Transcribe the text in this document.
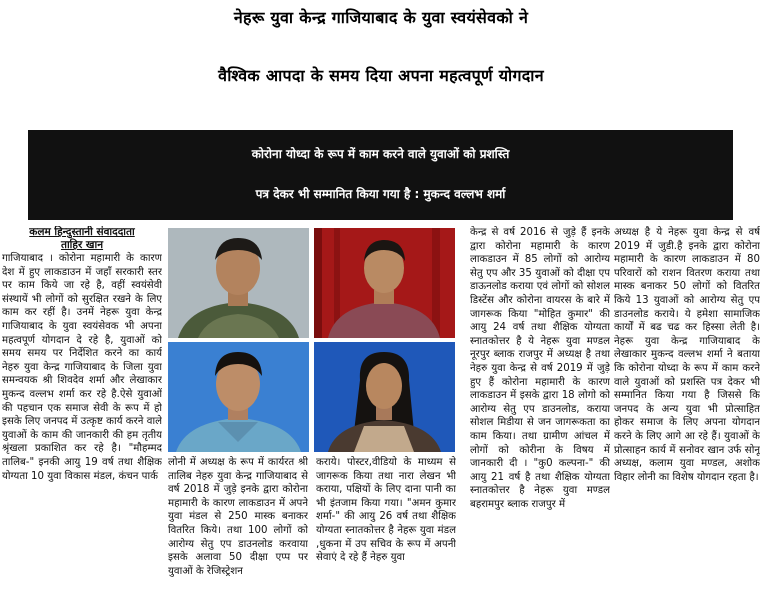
नेहरू युवा केन्द्र गाजियाबाद के युवा स्वयंसेवको ने
वैश्विक आपदा के समय दिया अपना महत्वपूर्ण योगदान
कोरोना योध्दा के रूप में काम करने वाले युवाओं को प्रशस्ति
पत्र देकर भी सम्मानित किया गया है : मुकन्द वल्लभ शर्मा
कलम हिन्दुस्तानी संवाददाता
ताहिर खान

गाजियाबाद । कोरोना महामारी के कारण देश में हुए लाकडाउन में जहाँ सरकारी स्तर पर काम किये जा रहे है, वहीं स्वयंसेवी संस्थायें भी लोगों को सुरक्षित रखने के लिए काम कर रहीं है। उनमें नेहरू युवा केन्द्र गाजियाबाद के युवा स्वयंसेवक भी अपना महत्वपूर्ण योगदान दे रहे है, युवाओं को समय समय पर निर्देशित करने का कार्य नेहरु युवा केन्द्र गाजियाबाद के जिला युवा समन्वयक श्री शिवदेव शर्मा और लेखाकार मुकन्द वल्लभ शर्मा कर रहे है.ऐसे युवाओं की पहचान एक समाज सेवी के रूप में हो इसके लिए जनपद में उत्कृष्ट कार्य करने वाले युवाओं के काम की जानकारी की हम तृतीय श्रृंखला प्रकाशित कर रहे है। "मौहम्मद तालिब-" इनकी आयु 19 वर्ष तथा शैक्षिक योग्यता 10 युवा विकास मंडल, कंचन पार्क

लोनी में अध्यक्ष के रूप में कार्यरत श्री तालिब नेहरु युवा केन्द्र गाजियाबाद से वर्ष 2018 में जुड़े इनके द्वारा कोरोना महामारी के कारण लाकडाउन में अपने युवा मंडल से 250 मास्क बनाकर वितरित किये। तथा 100 लोगों को आरोग्य सेतु एप डाउनलोड करवाया इसके अलावा 50 दीक्षा एप्प पर युवाओं के रेजिस्ट्रेशन
कराये। पोस्टर,वीडियो के माध्यम से जागरूक किया तथा नारा लेखन भी कराया, पक्षियों के लिए दाना पानी का भी इंतजाम किया गया। "अमन कुमार शर्मा-" की आयु 26 वर्ष तथा शैक्षिक योग्यता स्नातकोत्तर है नेहरू युवा मंडल ,धुकना में उप सचिव के रूप में अपनी सेवाएं दे रहे हैं नेहरु युवा

केन्द्र से वर्ष 2016 से जुड़े हैं इनके द्वारा कोरोना महामारी के कारण लाकडाउन में 85 लोगों को आरोग्य सेतु एप और 35 युवाओं को दीक्षा एप डाऊनलोड कराया एवं लोगों को सोशल डिस्टेंस और कोरोना वायरस के बारे में जागरूक किया "मोहित कुमार" की आयु 24 वर्ष तथा शैक्षिक योग्यता स्नातकोत्तर है ये नेहरू युवा मण्डल नूरपुर ब्लाक राजपुर में अध्यक्ष है तथा नेहरु युवा केन्द्र से वर्ष 2019 में जुड़े हुए हैं कोरोना महामारी के कारण लाकडाउन में इसके द्वारा 18 लोगो को आरोग्य सेतु एप डाउनलोड, कराया सोशल मिडीया से जन जागरूकता का काम किया। तथा ग्रामीण आंचल में लोगों को कोरीना के विषय में जानकारी दी । "कु0 कल्पना-" की आयु 21 वर्ष है तथा शैक्षिक योग्यता स्नातकोत्तर है नेहरू युवा मण्डल बहरामपुर ब्लाक राजपुर में

अध्यक्ष है ये नेहरू युवा केन्द्र से वर्ष 2019 में जुडी.है इनके द्वारा कोरोना महामारी के कारण लाकडाउन में 80 परिवारों को राशन वितरण कराया तथा मास्क बनाकर 50 लोगों को वितरित किये 13 युवाओं को आरोग्य सेतु एप डाउनलोड कराये। ये हमेशा सामाजिक कार्यों में बढ चढ कर हिस्सा लेती है। नेहरू युवा केन्द्र गाजियाबाद के लेखाकार मुकन्द वल्लभ शर्मा ने बताया कि कोरोना योध्दा के रूप में काम करने वाले युवाओं को प्रशस्ति पत्र देकर भी सम्मानित किया गया है जिससे कि जनपद के अन्य युवा भी प्रोत्साहित होकर समाज के लिए अपना योगदान करने के लिए आगे आ रहे हैं। युवाओं के प्रोत्साहन कार्य में सनोवर खान उर्फ सोनू अध्यक्ष, कलाम युवा मण्डल, अशोक विहार लोनी का विशेष योगदान रहता है।
